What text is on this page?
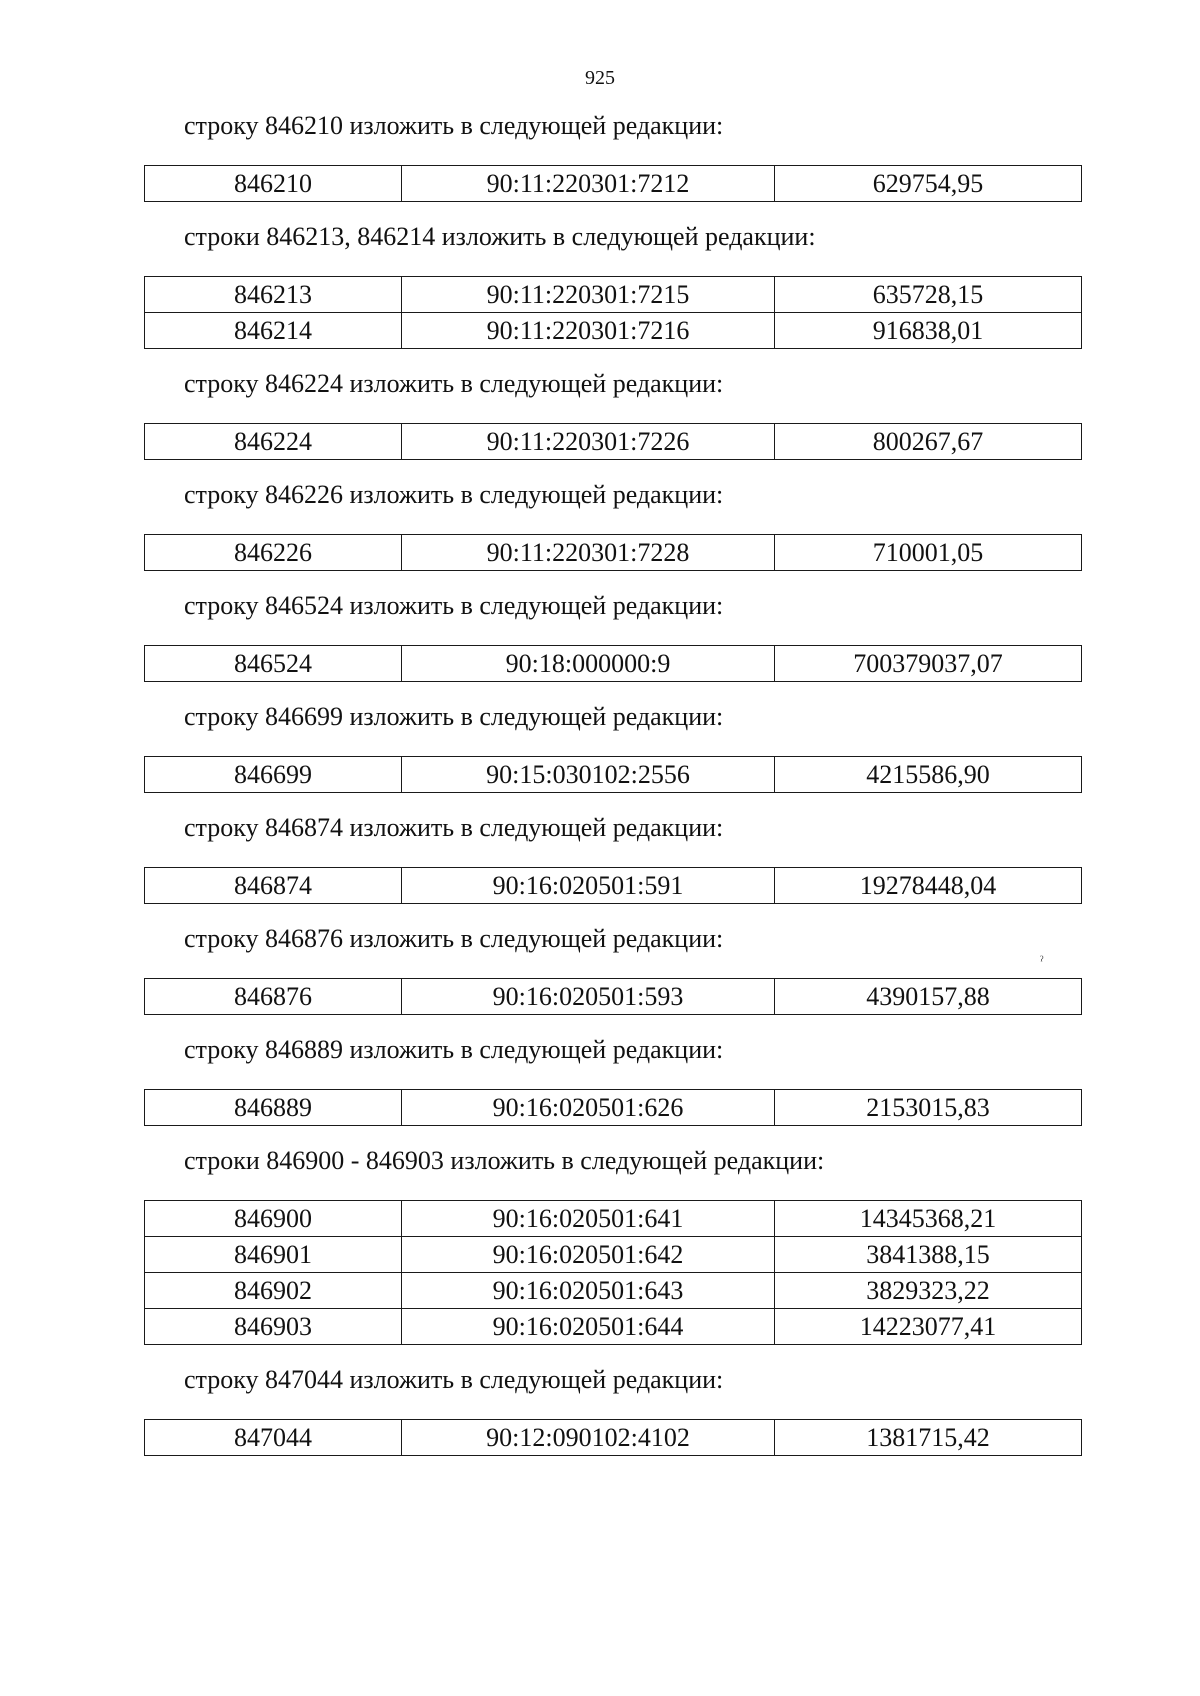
925
строку 846210 изложить в следующей редакции:
846210	90:11:220301:7212	629754,95
строки 846213, 846214 изложить в следующей редакции:
846213	90:11:220301:7215	635728,15
846214	90:11:220301:7216	916838,01
строку 846224 изложить в следующей редакции:
846224	90:11:220301:7226	800267,67
строку 846226 изложить в следующей редакции:
846226	90:11:220301:7228	710001,05
строку 846524 изложить в следующей редакции:
846524	90:18:000000:9	700379037,07
строку 846699 изложить в следующей редакции:
846699	90:15:030102:2556	4215586,90
строку 846874 изложить в следующей редакции:
846874	90:16:020501:591	19278448,04
строку 846876 изложить в следующей редакции:
846876	90:16:020501:593	4390157,88
строку 846889 изложить в следующей редакции:
846889	90:16:020501:626	2153015,83
строки 846900 - 846903 изложить в следующей редакции:
846900	90:16:020501:641	14345368,21
846901	90:16:020501:642	3841388,15
846902	90:16:020501:643	3829323,22
846903	90:16:020501:644	14223077,41
строку 847044 изложить в следующей редакции:
847044	90:12:090102:4102	1381715,42
ˀ
